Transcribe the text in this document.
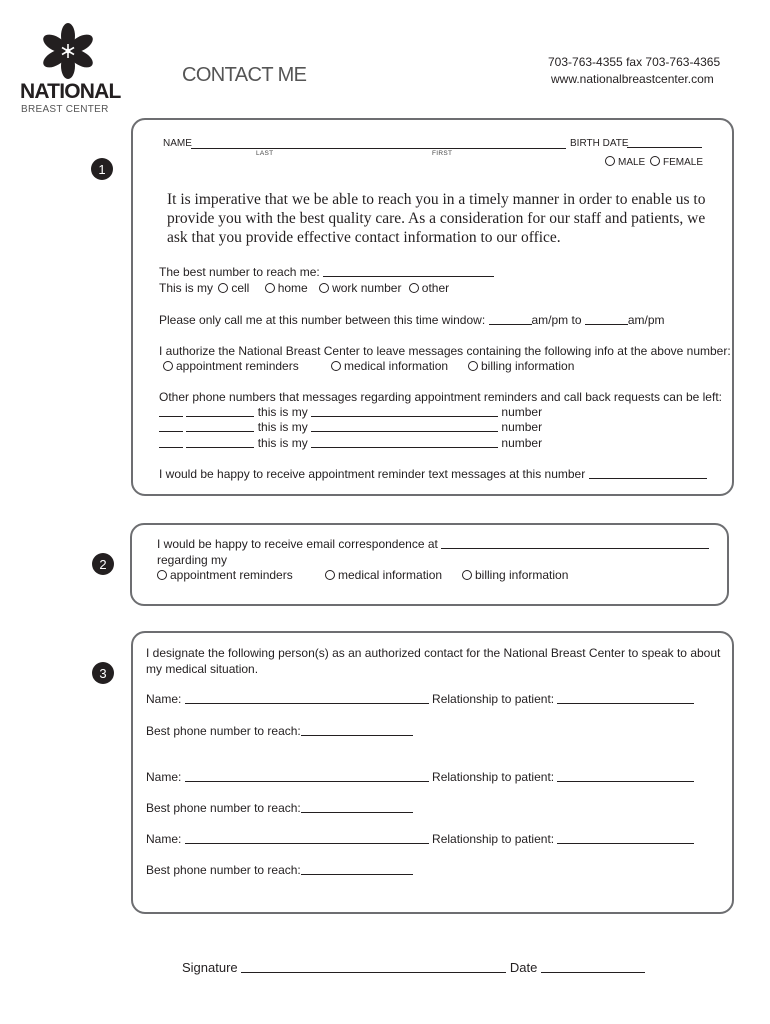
NATIONAL
BREAST CENTER
CONTACT ME
703-763-4355 fax 703-763-4365
www.nationalbreastcenter.com
1
NAME
LAST	FIRST
BIRTH DATE
MALE	FEMALE
It is imperative that we be able to reach you in a timely manner in order to enable us to
provide you with the best quality care. As a consideration for our staff and patients, we
ask that you provide effective contact information to our office.
The best number to reach me:
This is my cell home work number other
Please only call me at this number between this time window:	am/pm to	am/pm
I authorize the National Breast Center to leave messages containing the following info at the above number:
appointment reminders	medical information	billing information
Other phone numbers that messages regarding appointment reminders and call back requests can be left:
this is my	number
this is my	number
this is my	number
I would be happy to receive appointment reminder text messages at this number
2
I would be happy to receive email correspondence at
regarding my
appointment reminders	medical information	billing information
3
I designate the following person(s) as an authorized contact for the National Breast Center to speak to about
my medical situation.
Name:	Relationship to patient:
Best phone number to reach:
Name:	Relationship to patient:
Best phone number to reach:
Name:	Relationship to patient:
Best phone number to reach:
Signature	Date
